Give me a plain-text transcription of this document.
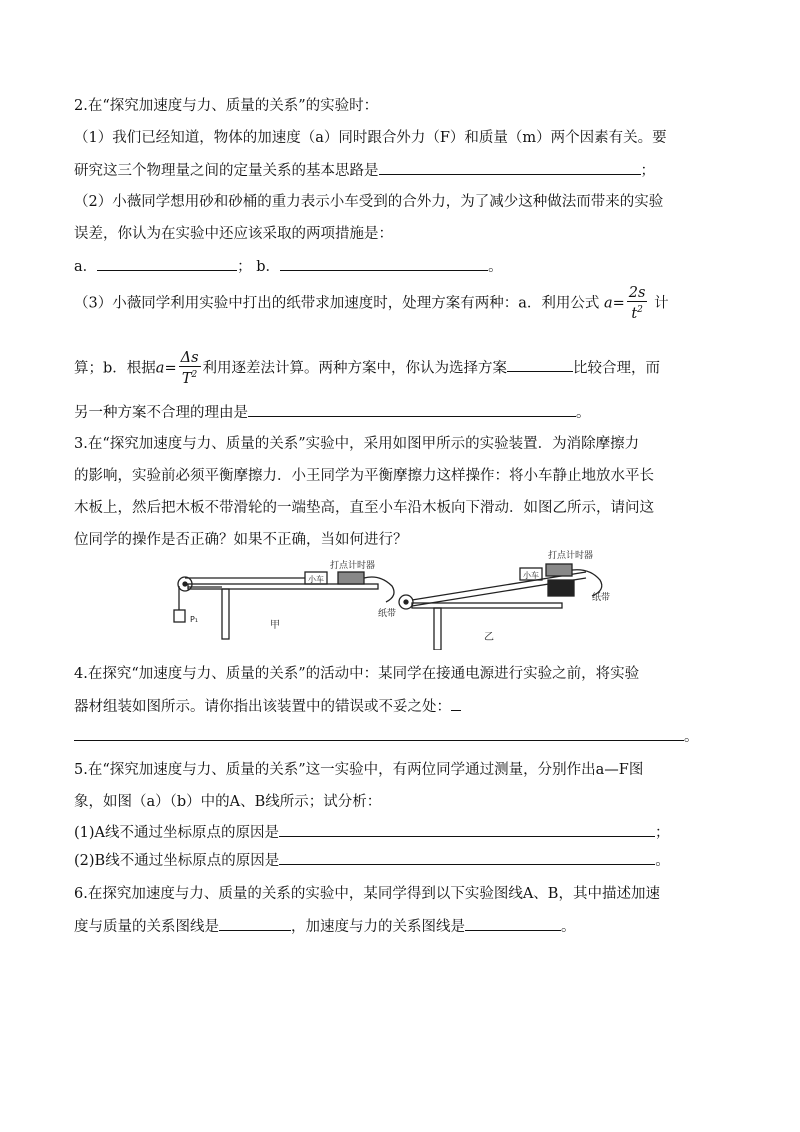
2.在“探究加速度与力、质量的关系”的实验时：
（1）我们已经知道，物体的加速度（a）同时跟合外力（F）和质量（m）两个因素有关。要
研究这三个物理量之间的定量关系的基本思路是	；
（2）小薇同学想用砂和砂桶的重力表示小车受到的合外力，为了减少这种做法而带来的实验
误差，你认为在实验中还应该采取的两项措施是：
a．	； b．	。
（3）小薇同学利用实验中打出的纸带求加速度时，处理方案有两种：a．利用公式 $a= \frac{2s}{t^2}$ 计
算；b．根据$a= \frac{\Delta s}{T^2}$ 利用逐差法计算。两种方案中，你认为选择方案	比较合理，而
另一种方案不合理的理由是	。
3.在“探究加速度与力、质量的关系”实验中，采用如图甲所示的实验装置．为消除摩擦力
的影响，实验前必须平衡摩擦力．小王同学为平衡摩擦力这样操作：将小车静止地放水平长
木板上，然后把木板不带滑轮的一端垫高，直至小车沿木板向下滑动．如图乙所示，请问这
位同学的操作是否正确？如果不正确，当如何进行？
小车
打点计时器
纸带
P₁
甲
小车
打点计时器
纸带
乙
4.在探究“加速度与力、质量的关系”的活动中：某同学在接通电源进行实验之前，将实验
器材组装如图所示。请你指出该装置中的错误或不妥之处：
。
5.在“探究加速度与力、质量的关系”这一实验中，有两位同学通过测量，分别作出a—F图
象，如图（a）（b）中的A、B线所示；试分析：
(1)A线不通过坐标原点的原因是	；
(2)B线不通过坐标原点的原因是	。
6.在探究加速度与力、质量的关系的实验中，某同学得到以下实验图线A、B，其中描述加速
度与质量的关系图线是	，加速度与力的关系图线是	。
